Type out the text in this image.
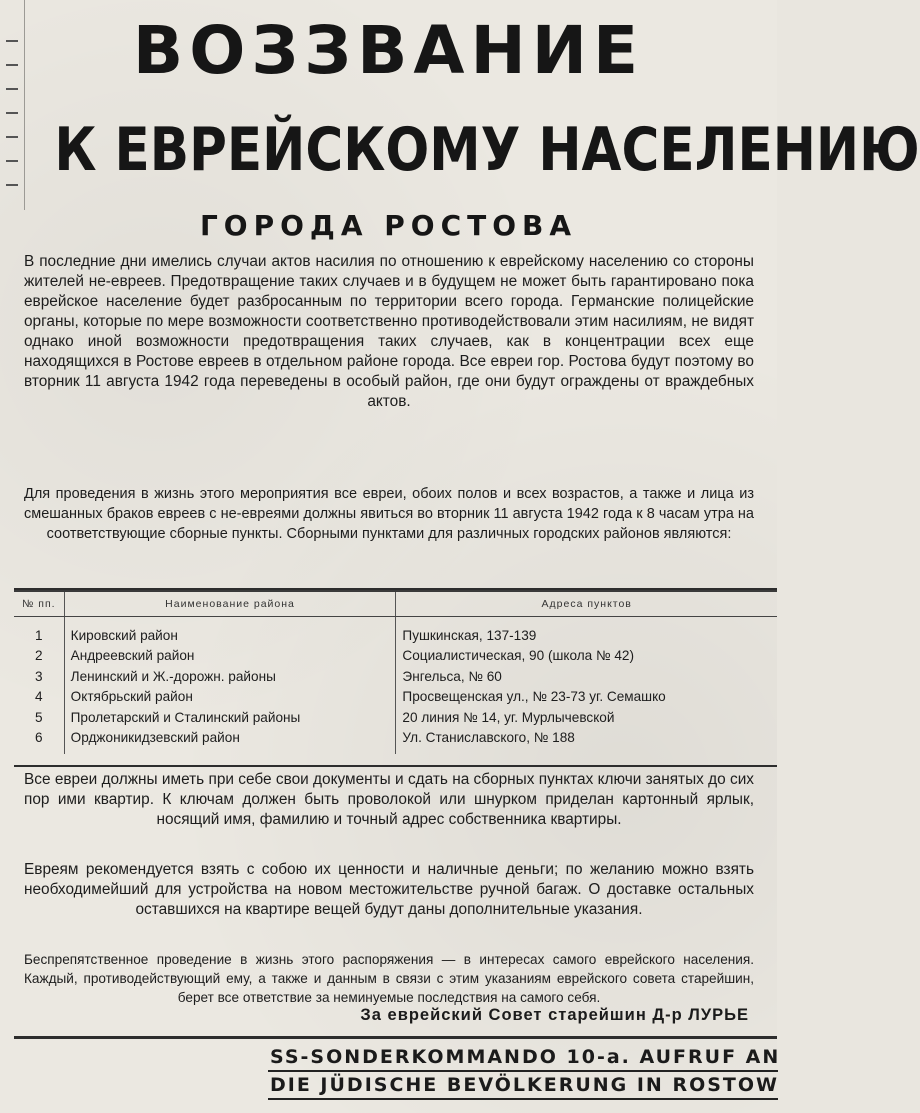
ВОЗЗВАНИЕ
К ЕВРЕЙСКОМУ НАСЕЛЕНИЮ
ГОРОДА РОСТОВА
В последние дни имелись случаи актов насилия по отношению к еврейскому населению со стороны жителей не-евреев. Предотвращение таких случаев и в будущем не может быть гарантировано пока еврейское население будет разбросанным по территории всего города. Германские полицейские органы, которые по мере возможности соответственно противодействовали этим насилиям, не видят однако иной возможности предотвращения таких случаев, как в концентрации всех еще находящихся в Ростове евреев в отдельном районе города. Все евреи гор. Ростова будут поэтому во вторник 11 августа 1942 года переведены в особый район, где они будут ограждены от враждебных актов.
Для проведения в жизнь этого мероприятия все евреи, обоих полов и всех возрастов, а также и лица из смешанных браков евреев с не-евреями должны явиться во вторник 11 августа 1942 года к 8 часам утра на соответствующие сборные пункты. Сборными пунктами для различных городских районов являются:
№ пп.	Наименование района	Адреса пунктов
1	Кировский район	Пушкинская, 137-139
2	Андреевский район	Социалистическая, 90 (школа № 42)
3	Ленинский и Ж.-дорожн. районы	Энгельса, № 60
4	Октябрьский район	Просвещенская ул., № 23-73 уг. Семашко
5	Пролетарский и Сталинский районы	20 линия № 14, уг. Мурлычевской
6	Орджоникидзевский район	Ул. Станиславского, № 188
Все евреи должны иметь при себе свои документы и сдать на сборных пунктах ключи занятых до сих пор ими квартир. К ключам должен быть проволокой или шнурком приделан картонный ярлык, носящий имя, фамилию и точный адрес собственника квартиры.
Евреям рекомендуется взять с собою их ценности и наличные деньги; по желанию можно взять необходимейший для устройства на новом местожительстве ручной багаж. О доставке остальных оставшихся на квартире вещей будут даны дополнительные указания.
Беспрепятственное проведение в жизнь этого распоряжения — в интересах самого еврейского населения. Каждый, противодействующий ему, а также и данным в связи с этим указаниям еврейского совета старейшин, берет все ответствие за неминуемые последствия на самого себя.
За еврейский Совет старейшин Д-р ЛУРЬЕ
SS-SONDERKOMMANDO 10-a. AUFRUF AN
DIE JÜDISCHE BEVÖLKERUNG IN ROSTOW
